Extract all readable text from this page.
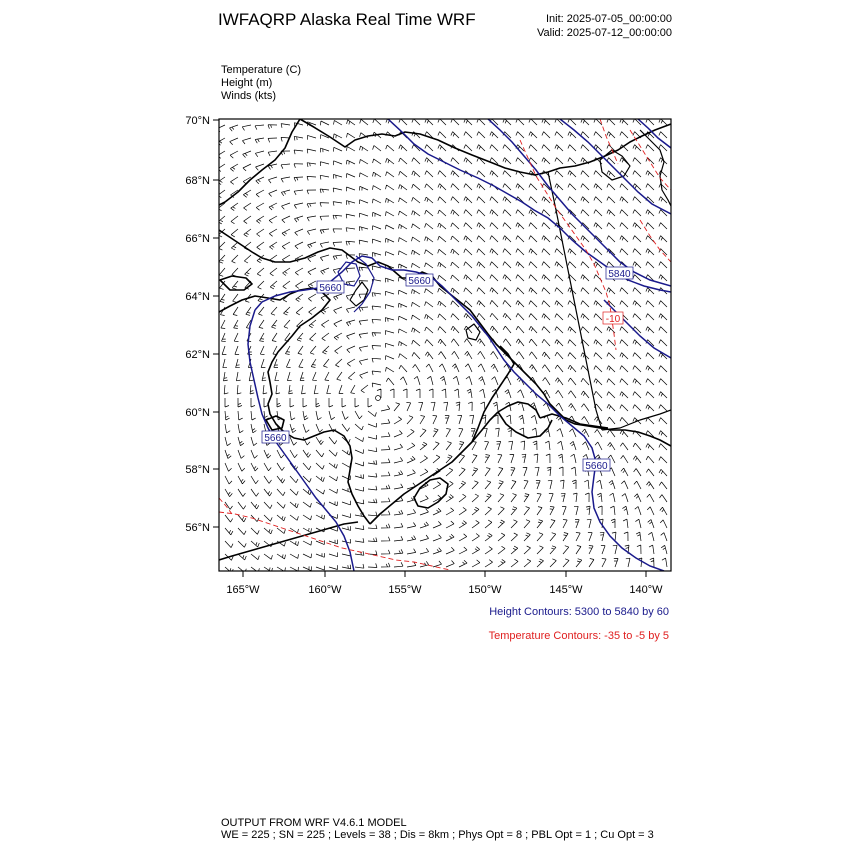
IWFAQRP Alaska Real Time WRF	Init: 2025-07-05_00:00:00
Valid: 2025-07-12_00:00:00
Temperature (C)
Height (m)
Winds (kts)
5660
5660
5660
5660
5840
-10
70°N
68°N
66°N
64°N
62°N
60°N
58°N
56°N
165°W	160°W	155°W	150°W	145°W	140°W
Height Contours: 5300 to 5840 by 60
Temperature Contours: -35 to -5 by 5
OUTPUT FROM WRF V4.6.1 MODEL
WE = 225 ; SN = 225 ; Levels = 38 ; Dis = 8km ; Phys Opt = 8 ; PBL Opt = 1 ; Cu Opt = 3
